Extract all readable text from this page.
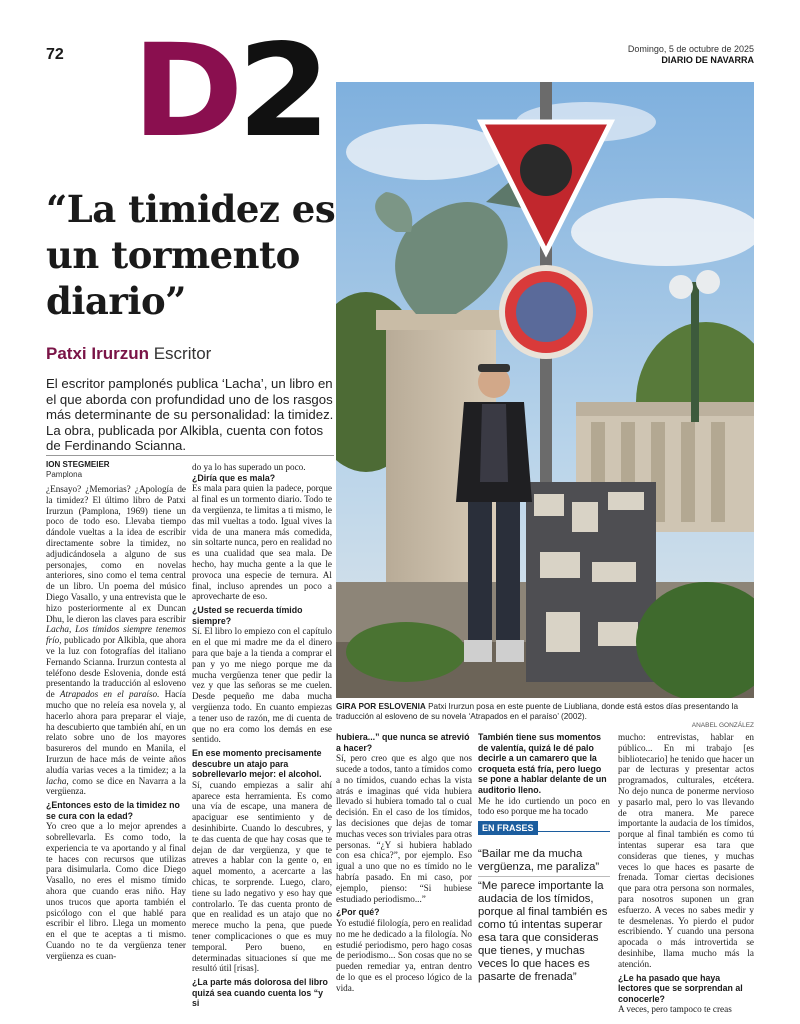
72 D2	Domingo, 5 de octubre de 2025
DIARIO DE NAVARRA
“La timidez es un tormento diario”
Patxi Irurzun Escritor

El escritor pamplonés publica ‘Lacha’, un libro en el que aborda con profundidad uno de los rasgos más determinante de su personalidad: la timidez. La obra, publicada por Alkibla, cuenta con fotos de Ferdinando Scianna.

GIRA POR ESLOVENIA Patxi Irurzun posa en este puente de Liubliana, donde está estos días presentando la traducción al esloveno de su novela ‘Atrapados en el paraíso’ (2002).
ANABEL GONZÁLEZ
ION STEGMEIER
Pamplona

¿Ensayo? ¿Memorias? ¿Apología de la timidez? El último libro de Patxi Irurzun (Pamplona, 1969) tiene un poco de todo eso. Llevaba tiempo dándole vueltas a la idea de escribir directamente sobre la timidez, no adjudicándosela a alguno de sus personajes, como en novelas anteriores, sino como el tema central de un libro. Un poema del músico Diego Vasallo, y una entrevista que le hizo posteriormente al ex Duncan Dhu, le dieron las claves para escribir Lacha, Los tímidos siempre tenemos frío, publicado por Alkibla, que ahora ve la luz con fotografías del italiano Fernando Scianna. Irurzun contesta al teléfono desde Eslovenia, donde está presentando la traducción al esloveno de Atrapados en el paraíso. Hacía mucho que no releía esa novela y, al hacerlo ahora para preparar el viaje, ha descubierto que también ahí, en un relato sobre uno de los mayores basureros del mundo en Manila, el Irurzun de hace más de veinte años aludía varias veces a la timidez; a la lacha, como se dice en Navarra a la vergüenza.

¿Entonces esto de la timidez no se cura con la edad?

Yo creo que a lo mejor aprendes a sobrellevarla. Es como todo, la experiencia te va aportando y al final te haces con recursos que utilizas para disimularla. Como dice Diego Vasallo, no eres el mismo tímido ahora que cuando eras niño. Hay unos trucos que aporta también el psicólogo con el que hablé para escribir el libro. Llega un momento en el que te aceptas a ti mismo. Cuando no te da vergüenza tener vergüenza es cuan-

do ya lo has superado un poco.

¿Diría que es mala?

Es mala para quien la padece, porque al final es un tormento diario. Todo te da vergüenza, te limitas a ti mismo, le das mil vueltas a todo. Igual vives la vida de una manera más comedida, sin soltarte nunca, pero en realidad no es una cualidad que sea mala. De hecho, hay mucha gente a la que le provoca una especie de ternura. Al final, incluso aprendes un poco a aprovecharte de eso.

¿Usted se recuerda tímido siempre?

Sí. El libro lo empiezo con el capítulo en el que mi madre me da el dinero para que baje a la tienda a comprar el pan y yo me niego porque me da mucha vergüenza tener que pedir la vez y que las señoras se me cuelen. Desde pequeño me daba mucha vergüenza todo. En cuanto empiezas a tener uso de razón, me di cuenta de que no era como los demás en ese sentido.

En ese momento precisamente descubre un atajo para sobrellevarlo mejor: el alcohol.

Sí, cuando empiezas a salir ahí aparece esta herramienta. Es como una vía de escape, una manera de apaciguar ese sentimiento y de desinhibirte. Cuando lo descubres, y te das cuenta de que hay cosas que te dejan de dar vergüenza, y que te atreves a hablar con la gente o, en aquel momento, a acercarte a las chicas, te sorprende. Luego, claro, tiene su lado negativo y eso hay que controlarlo. Te das cuenta pronto de que en realidad es un atajo que no merece mucho la pena, que puede tener complicaciones o que es muy temporal. Pero bueno, en determinadas situaciones sí que me resultó útil [risas].

¿La parte más dolorosa del libro quizá sea cuando cuenta los “y si

hubiera...” que nunca se atrevió a hacer?

Sí, pero creo que es algo que nos sucede a todos, tanto a tímidos como a no tímidos, cuando echas la vista atrás e imaginas qué vida hubiera llevado si hubiera tomado tal o cual decisión. En el caso de los tímidos, las decisiones que dejas de tomar muchas veces son triviales para otras personas. “¿Y si hubiera hablado con esa chica?”, por ejemplo. Eso igual a uno que no es tímido no le habría pasado. En mi caso, por ejemplo, pienso: “Si hubiese estudiado periodismo...”

¿Por qué?

Yo estudié filología, pero en realidad no me he dedicado a la filología. No estudié periodismo, pero hago cosas de periodismo... Son cosas que no se pueden remediar ya, entran dentro de lo que es el proceso lógico de la vida.

También tiene sus momentos de valentía, quizá le dé palo decirle a un camarero que la croqueta está fría, pero luego se pone a hablar delante de un auditorio lleno.

Me he ido curtiendo un poco en todo eso porque me ha tocado

EN FRASES

“Bailar me da mucha vergüenza, me paraliza”

“Me parece importante la audacia de los tímidos, porque al final también es como tú intentas superar esa tara que consideras que tienes, y muchas veces lo que haces es pasarte de frenada”

mucho: entrevistas, hablar en público... En mi trabajo [es bibliotecario] he tenido que hacer un par de lecturas y presentar actos programados, culturales, etcétera. No dejo nunca de ponerme nervioso y pasarlo mal, pero lo vas llevando de otra manera. Me parece importante la audacia de los tímidos, porque al final también es como tú intentas superar esa tara que consideras que tienes, y muchas veces lo que haces es pasarte de frenada. Tomar ciertas decisiones que para otra persona son normales, para nosotros suponen un gran esfuerzo. A veces no sabes medir y te desmelenas. Yo pierdo el pudor escribiendo. Y cuando una persona apocada o más introvertida se desinhibe, llama mucho más la atención.

¿Le ha pasado que haya lectores que se sorprendan al conocerle?

A veces, pero tampoco te creas
